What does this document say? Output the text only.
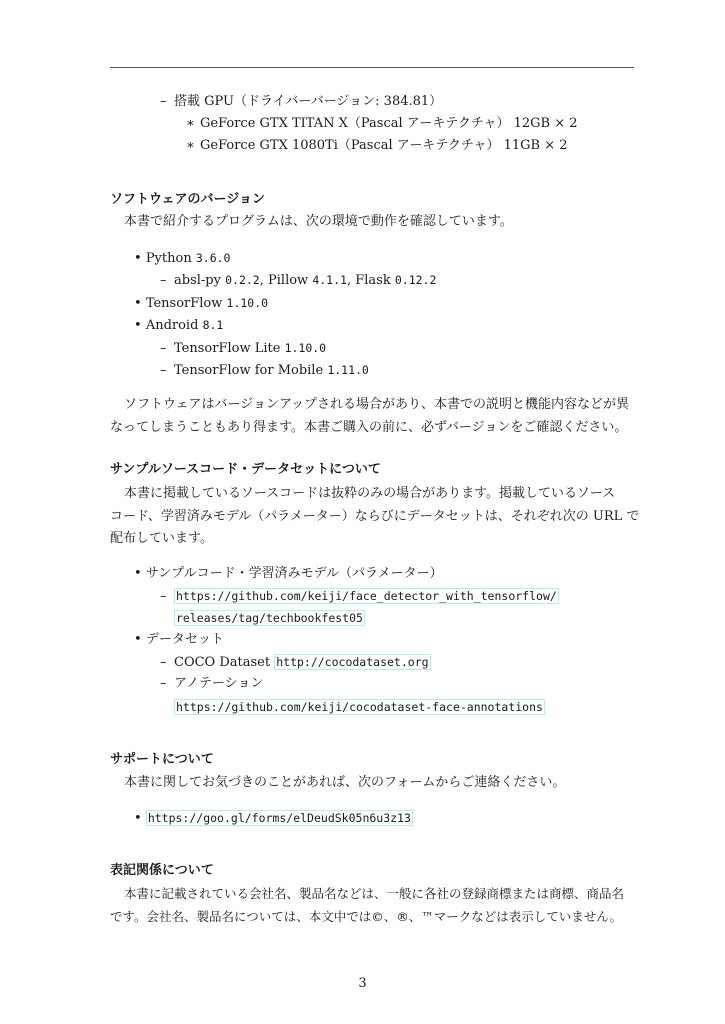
– 搭載 GPU（ドライバーバージョン: 384.81）
∗ GeForce GTX TITAN X（Pascal アーキテクチャ） 12GB × 2
∗ GeForce GTX 1080Ti（Pascal アーキテクチャ） 11GB × 2
ソフトウェアのバージョン
本書で紹介するプログラムは、次の環境で動作を確認しています。
• Python 3.6.0
– absl-py 0.2.2, Pillow 4.1.1, Flask 0.12.2
• TensorFlow 1.10.0
• Android 8.1
– TensorFlow Lite 1.10.0
– TensorFlow for Mobile 1.11.0
ソフトウェアはバージョンアップされる場合があり、本書での説明と機能内容などが異
なってしまうこともあり得ます。本書ご購入の前に、必ずバージョンをご確認ください。
サンプルソースコード・データセットについて
本書に掲載しているソースコードは抜粋のみの場合があります。掲載しているソース
コード、学習済みモデル（パラメーター）ならびにデータセットは、それぞれ次の URL で
配布しています。
• サンプルコード・学習済みモデル（パラメーター）
– https://github.com/keiji/face_detector_with_tensorflow/
releases/tag/techbookfest05
• データセット
– COCO Dataset http://cocodataset.org
– アノテーション
https://github.com/keiji/cocodataset-face-annotations
サポートについて
本書に関してお気づきのことがあれば、次のフォームからご連絡ください。
• https://goo.gl/forms/elDeudSk05n6u3z13
表記関係について
本書に記載されている会社名、製品名などは、一般に各社の登録商標または商標、商品名
です。会社名、製品名については、本文中では©、®、™マークなどは表示していません。
3
